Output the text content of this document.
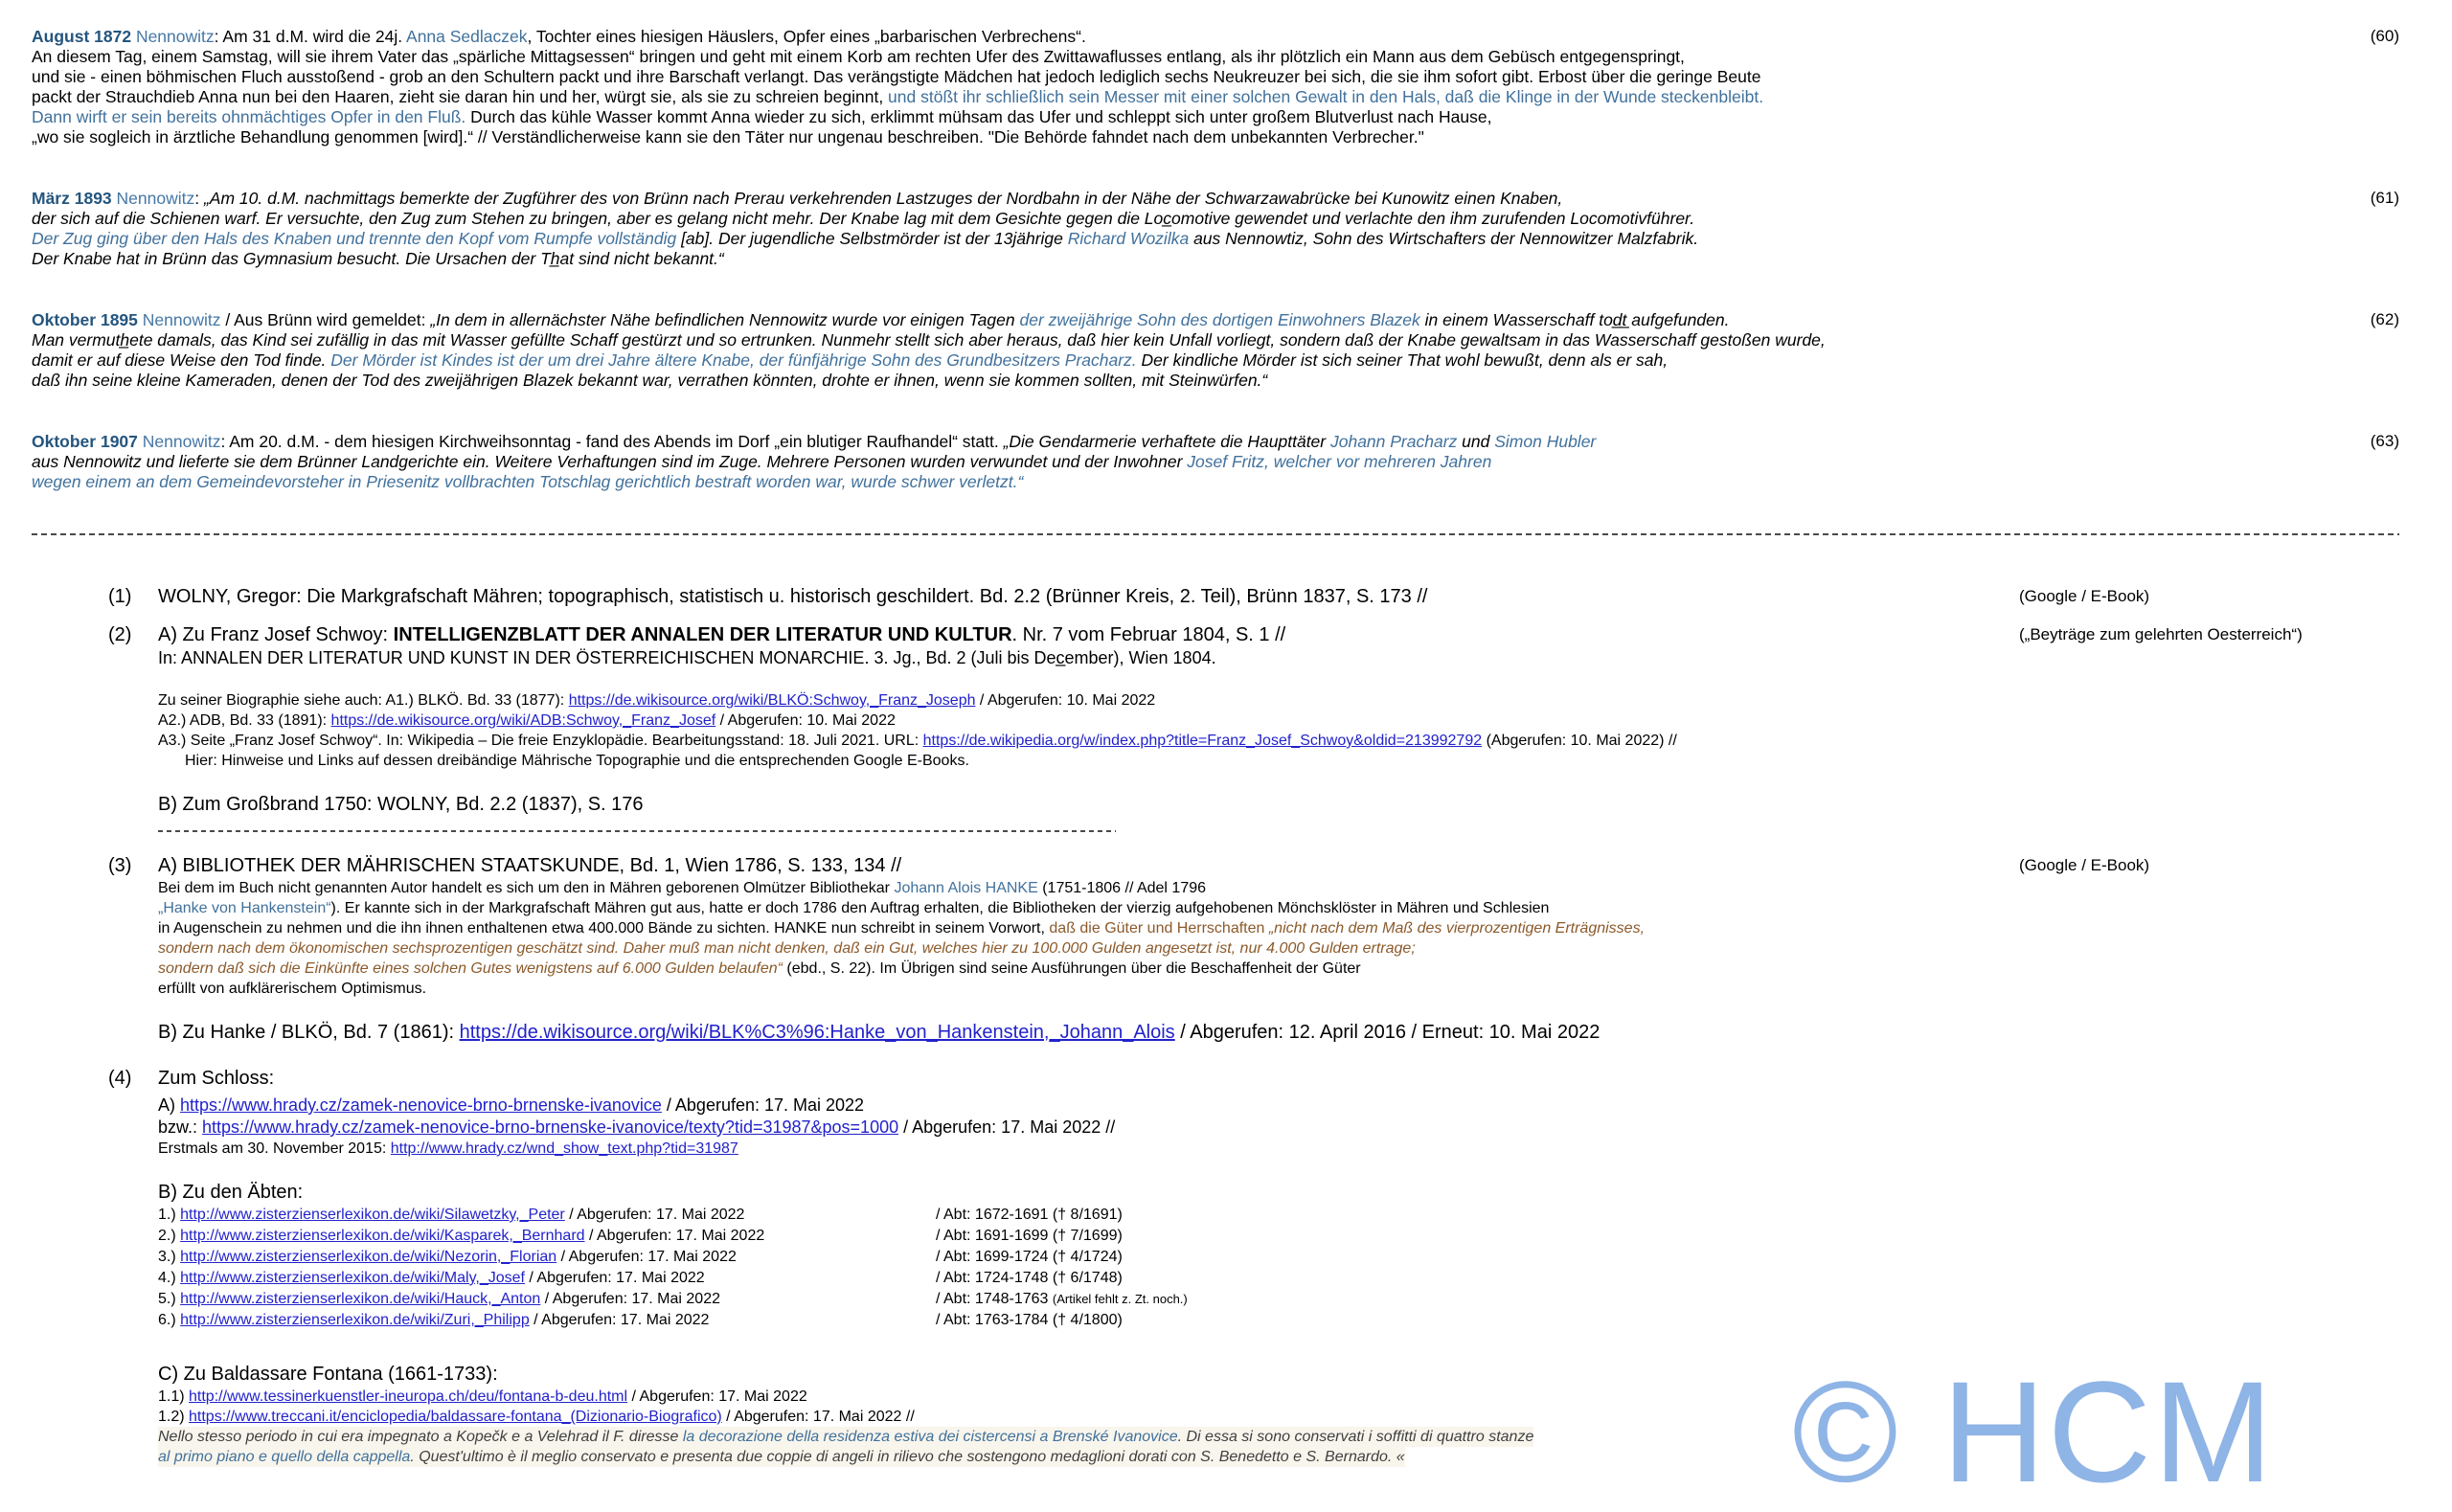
August 1872 Nennowitz: Am 31 d.M. wird die 24j. Anna Sedlaczek, Tochter eines hiesigen Häuslers, Opfer eines „barbarischen Verbrechens“.
An diesem Tag, einem Samstag, will sie ihrem Vater das „spärliche Mittagsessen“ bringen und geht mit einem Korb am rechten Ufer des Zwittawaflusses entlang, als ihr plötzlich ein Mann aus dem Gebüsch entgegenspringt,
und sie - einen böhmischen Fluch ausstoßend - grob an den Schultern packt und ihre Barschaft verlangt. Das verängstigte Mädchen hat jedoch lediglich sechs Neukreuzer bei sich, die sie ihm sofort gibt. Erbost über die geringe Beute
packt der Strauchdieb Anna nun bei den Haaren, zieht sie daran hin und her, würgt sie, als sie zu schreien beginnt, und stößt ihr schließlich sein Messer mit einer solchen Gewalt in den Hals, daß die Klinge in der Wunde steckenbleibt.
Dann wirft er sein bereits ohnmächtiges Opfer in den Fluß. Durch das kühle Wasser kommt Anna wieder zu sich, erklimmt mühsam das Ufer und schleppt sich unter großem Blutverlust nach Hause,
„wo sie sogleich in ärztliche Behandlung genommen [wird].“ // Verständlicherweise kann sie den Täter nur ungenau beschreiben. "Die Behörde fahndet nach dem unbekannten Verbrecher."
(60)
März 1893 Nennowitz: „Am 10. d.M. nachmittags bemerkte der Zugführer des von Brünn nach Prerau verkehrenden Lastzuges der Nordbahn in der Nähe der Schwarzawabrücke bei Kunowitz einen Knaben,
der sich auf die Schienen warf. Er versuchte, den Zug zum Stehen zu bringen, aber es gelang nicht mehr. Der Knabe lag mit dem Gesichte gegen die Loc̲omotive gewendet und verlachte den ihm zurufenden Locomotivführer.
Der Zug ging über den Hals des Knaben und trennte den Kopf vom Rumpfe vollständig [ab]. Der jugendliche Selbstmörder ist der 13jährige Richard Wozilka aus Nennowtiz, Sohn des Wirtschafters der Nennowitzer Malzfabrik.
Der Knabe hat in Brünn das Gymnasium besucht. Die Ursachen der Th̲at sind nicht bekannt.“
(61)
Oktober 1895 Nennowitz / Aus Brünn wird gemeldet: „In dem in allernächster Nähe befindlichen Nennowitz wurde vor einigen Tagen der zweijährige Sohn des dortigen Einwohners Blazek in einem Wasserschaff tod̲t̲ aufgefunden.
Man vermuth̲ete damals, das Kind sei zufällig in das mit Wasser gefüllte Schaff gestürzt und so ertrunken. Nunmehr stellt sich aber heraus, daß hier kein Unfall vorliegt, sondern daß der Knabe gewaltsam in das Wasserschaff gestoßen wurde,
damit er auf diese Weise den Tod finde. Der Mörder ist Kindes ist der um drei Jahre ältere Knabe, der fünfjährige Sohn des Grundbesitzers Pracharz. Der kindliche Mörder ist sich seiner That wohl bewußt, denn als er sah,
daß ihn seine kleine Kameraden, denen der Tod des zweijährigen Blazek bekannt war, verrathen könnten, drohte er ihnen, wenn sie kommen sollten, mit Steinwürfen.“
(62)
Oktober 1907 Nennowitz: Am 20. d.M. - dem hiesigen Kirchweihsonntag - fand des Abends im Dorf „ein blutiger Raufhandel“ statt. „Die Gendarmerie verhaftete die Haupttäter Johann Pracharz und Simon Hubler
aus Nennowitz und lieferte sie dem Brünner Landgerichte ein. Weitere Verhaftungen sind im Zuge. Mehrere Personen wurden verwundet und der Inwohner Josef Fritz, welcher vor mehreren Jahren
wegen einem an dem Gemeindevorsteher in Priesenitz vollbrachten Totschlag gerichtlich bestraft worden war, wurde schwer verletzt.“
(63)
(1)	WOLNY, Gregor: Die Markgrafschaft Mähren; topographisch, statistisch u. historisch geschildert. Bd. 2.2 (Brünner Kreis, 2. Teil), Brünn 1837, S. 173 //	(Google / E-Book)
(2)	A) Zu Franz Josef Schwoy: INTELLIGENZBLATT DER ANNALEN DER LITERATUR UND KULTUR. Nr. 7 vom Februar 1804, S. 1 //	(„Beyträge zum gelehrten Oesterreich“)
In: ANNALEN DER LITERATUR UND KUNST IN DER ÖSTERREICHISCHEN MONARCHIE. 3. Jg., Bd. 2 (Juli bis Dec̲ember), Wien 1804.
Zu seiner Biographie siehe auch: A1.) BLKÖ. Bd. 33 (1877): https://de.wikisource.org/wiki/BLKÖ:Schwoy,_Franz_Joseph / Abgerufen: 10. Mai 2022
A2.) ADB, Bd. 33 (1891): https://de.wikisource.org/wiki/ADB:Schwoy,_Franz_Josef / Abgerufen: 10. Mai 2022
A3.) Seite „Franz Josef Schwoy“. In: Wikipedia – Die freie Enzyklopädie. Bearbeitungsstand: 18. Juli 2021. URL: https://de.wikipedia.org/w/index.php?title=Franz_Josef_Schwoy&oldid=213992792 (Abgerufen: 10. Mai 2022) //
Hier: Hinweise und Links auf dessen dreibändige Mährische Topographie und die entsprechenden Google E-Books.
B) Zum Großbrand 1750: WOLNY, Bd. 2.2 (1837), S. 176
(3)	A) BIBLIOTHEK DER MÄHRISCHEN STAATSKUNDE, Bd. 1, Wien 1786, S. 133, 134 //	(Google / E-Book)
Bei dem im Buch nicht genannten Autor handelt es sich um den in Mähren geborenen Olmützer Bibliothekar Johann Alois HANKE (1751-1806 // Adel 1796
„Hanke von Hankenstein“). Er kannte sich in der Markgrafschaft Mähren gut aus, hatte er doch 1786 den Auftrag erhalten, die Bibliotheken der vierzig aufgehobenen Mönchsklöster in Mähren und Schlesien
in Augenschein zu nehmen und die ihn ihnen enthaltenen etwa 400.000 Bände zu sichten. HANKE nun schreibt in seinem Vorwort, daß die Güter und Herrschaften „nicht nach dem Maß des vierprozentigen Erträgnisses,
sondern nach dem ökonomischen sechsprozentigen geschätzt sind. Daher muß man nicht denken, daß ein Gut, welches hier zu 100.000 Gulden angesetzt ist, nur 4.000 Gulden ertrage;
sondern daß sich die Einkünfte eines solchen Gutes wenigstens auf 6.000 Gulden belaufen“ (ebd., S. 22). Im Übrigen sind seine Ausführungen über die Beschaffenheit der Güter
erfüllt von aufklärerischem Optimismus.
B) Zu Hanke / BLKÖ, Bd. 7 (1861): https://de.wikisource.org/wiki/BLK%C3%96:Hanke_von_Hankenstein,_Johann_Alois / Abgerufen: 12. April 2016 / Erneut: 10. Mai 2022
(4)	Zum Schloss:
A) https://www.hrady.cz/zamek-nenovice-brno-brnenske-ivanovice / Abgerufen: 17. Mai 2022
bzw.: https://www.hrady.cz/zamek-nenovice-brno-brnenske-ivanovice/texty?tid=31987&pos=1000 / Abgerufen: 17. Mai 2022 //
Erstmals am 30. November 2015: http://www.hrady.cz/wnd_show_text.php?tid=31987
B) Zu den Äbten:
1.) http://www.zisterzienserlexikon.de/wiki/Silawetzky,_Peter / Abgerufen: 17. Mai 2022	/ Abt: 1672-1691 († 8/1691)
2.) http://www.zisterzienserlexikon.de/wiki/Kasparek,_Bernhard / Abgerufen: 17. Mai 2022	/ Abt: 1691-1699 († 7/1699)
3.) http://www.zisterzienserlexikon.de/wiki/Nezorin,_Florian / Abgerufen: 17. Mai 2022	/ Abt: 1699-1724 († 4/1724)
4.) http://www.zisterzienserlexikon.de/wiki/Maly,_Josef / Abgerufen: 17. Mai 2022	/ Abt: 1724-1748 († 6/1748)
5.) http://www.zisterzienserlexikon.de/wiki/Hauck,_Anton / Abgerufen: 17. Mai 2022	/ Abt: 1748-1763 (Artikel fehlt z. Zt. noch.)
6.) http://www.zisterzienserlexikon.de/wiki/Zuri,_Philipp / Abgerufen: 17. Mai 2022	/ Abt: 1763-1784 († 4/1800)
C) Zu Baldassare Fontana (1661-1733):
1.1) http://www.tessinerkuenstler-ineuropa.ch/deu/fontana-b-deu.html / Abgerufen: 17. Mai 2022
1.2) https://www.treccani.it/enciclopedia/baldassare-fontana_(Dizionario-Biografico) / Abgerufen: 17. Mai 2022 //
Nello stesso periodo in cui era impegnato a Kopečk e a Velehrad il F. diresse la decorazione della residenza estiva dei cistercensi a Brenské Ivanovice. Di essa si sono conservati i soffitti di quattro stanze
al primo piano e quello della cappella. Quest'ultimo è il meglio conservato e presenta due coppie di angeli in rilievo che sostengono medaglioni dorati con S. Benedetto e S. Bernardo. «	© HCM
